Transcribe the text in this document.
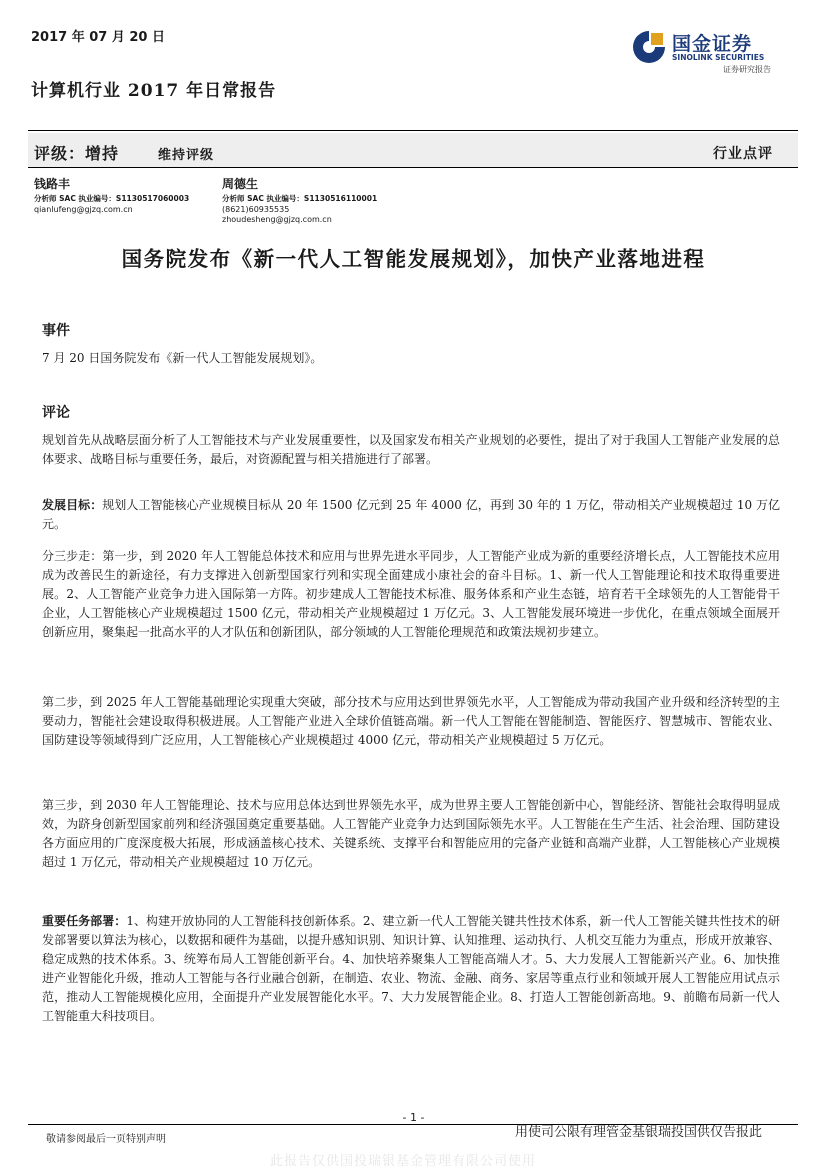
2017 年 07 月 20 日
计算机行业 2017 年日常报告
国金证券
SINOLINK SECURITIES
证券研究报告
评级：增持	维持评级	行业点评
钱路丰
分析师 SAC 执业编号：S1130517060003
qianlufeng@gjzq.com.cn
周德生
分析师 SAC 执业编号：S1130516110001
(8621)60935535
zhoudesheng@gjzq.com.cn
国务院发布《新一代人工智能发展规划》，加快产业落地进程
事件
7 月 20 日国务院发布《新一代人工智能发展规划》。
评论
规划首先从战略层面分析了人工智能技术与产业发展重要性，以及国家发布相关产业规划的必要性，提出了对于我国人工智能产业发展的总体要求、战略目标与重要任务，最后，对资源配置与相关措施进行了部署。
发展目标：规划人工智能核心产业规模目标从 20 年 1500 亿元到 25 年 4000 亿，再到 30 年的 1 万亿，带动相关产业规模超过 10 万亿元。
分三步走：第一步，到 2020 年人工智能总体技术和应用与世界先进水平同步，人工智能产业成为新的重要经济增长点，人工智能技术应用成为改善民生的新途径，有力支撑进入创新型国家行列和实现全面建成小康社会的奋斗目标。1、新一代人工智能理论和技术取得重要进展。2、人工智能产业竞争力进入国际第一方阵。初步建成人工智能技术标准、服务体系和产业生态链，培育若干全球领先的人工智能骨干企业，人工智能核心产业规模超过 1500 亿元，带动相关产业规模超过 1 万亿元。3、人工智能发展环境进一步优化，在重点领域全面展开创新应用，聚集起一批高水平的人才队伍和创新团队，部分领域的人工智能伦理规范和政策法规初步建立。
第二步，到 2025 年人工智能基础理论实现重大突破，部分技术与应用达到世界领先水平，人工智能成为带动我国产业升级和经济转型的主要动力，智能社会建设取得积极进展。人工智能产业进入全球价值链高端。新一代人工智能在智能制造、智能医疗、智慧城市、智能农业、国防建设等领域得到广泛应用，人工智能核心产业规模超过 4000 亿元，带动相关产业规模超过 5 万亿元。
第三步，到 2030 年人工智能理论、技术与应用总体达到世界领先水平，成为世界主要人工智能创新中心，智能经济、智能社会取得明显成效，为跻身创新型国家前列和经济强国奠定重要基础。人工智能产业竞争力达到国际领先水平。人工智能在生产生活、社会治理、国防建设各方面应用的广度深度极大拓展，形成涵盖核心技术、关键系统、支撑平台和智能应用的完备产业链和高端产业群，人工智能核心产业规模超过 1 万亿元，带动相关产业规模超过 10 万亿元。
重要任务部署：1、构建开放协同的人工智能科技创新体系。2、建立新一代人工智能关键共性技术体系，新一代人工智能关键共性技术的研发部署要以算法为核心，以数据和硬件为基础，以提升感知识别、知识计算、认知推理、运动执行、人机交互能力为重点，形成开放兼容、稳定成熟的技术体系。3、统筹布局人工智能创新平台。4、加快培养聚集人工智能高端人才。5、大力发展人工智能新兴产业。6、加快推进产业智能化升级，推动人工智能与各行业融合创新，在制造、农业、物流、金融、商务、家居等重点行业和领域开展人工智能应用试点示范，推动人工智能规模化应用，全面提升产业发展智能化水平。7、大力发展智能企业。8、打造人工智能创新高地。9、前瞻布局新一代人工智能重大科技项目。
- 1 -
敬请参阅最后一页特别声明	用使司公限有理管金基银瑞投国供仅告报此
此报告仅供国投瑞银基金管理有限公司使用
